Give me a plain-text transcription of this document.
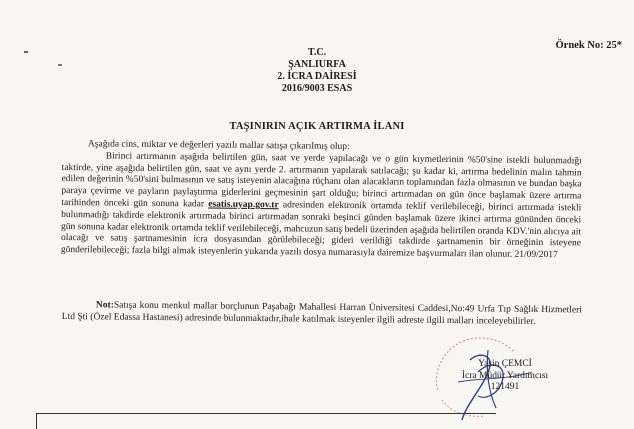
Örnek No: 25*
T.C.
ŞANLIURFA
2. İCRA DAİRESİ
2016/9003 ESAS
TAŞINIRIN AÇIK ARTIRMA İLANI

Aşağıda cins, miktar ve değerleri yazılı mallar satışa çıkarılmış olup:

Birinci artırmanın aşağıda belirtilen gün, saat ve yerde yapılacağı ve o gün kıymetlerinin %50'sine istekli bulunmadığı taktirde, yine aşağıda belirtilen gün, saat ve aynı yerde 2. artırmanın yapılarak satılacağı; şu kadar ki, artırma bedelinin malın tahmin edilen değerinin %50'sini bulmasının ve satış isteyenin alacağına rüçhanı olan alacakların toplamından fazla olmasının ve bundan başka paraya çevirme ve payların paylaştırma giderlerini geçmesinin şart olduğu; birinci artırmadan on gün önce başlamak üzere artırma tarihinden önceki gün sonuna kadar esatis.uyap.gov.tr adresinden elektronik ortamda teklif verilebileceği, birinci artırmada istekli bulunmadığı takdirde elektronik artırmada birinci artırmadan sonraki beşinci günden başlamak üzere ikinci artırma gününden önceki gün sonuna kadar elektronik ortamda teklif verilebileceği, mahcuzun satış bedeli üzerinden aşağıda belirtilen oranda KDV.'nin alıcıya ait olacağı ve satış şartnamesinin icra dosyasından görülebileceği; gideri verildiği takdirde şartnamenin bir örneğinin isteyene gönderilebileceği; fazla bilgi almak isteyenlerin yukarıda yazılı dosya numarasıyla dairemize başvurmaları ilan olunur. 21/09/2017

Not:Satışa konu menkul mallar borçlunun Paşabağı Mahallesi Harran Üniversitesi Caddesi,No:49 Urfa Tıp Sağlık Hizmetleri Ltd Şti (Özel Edassa Hastanesi) adresinde bulunmaktadır,ihale katılmak isteyenler ilgili adreste ilgili malları inceleyebilirler.
Yasin ÇEMCİ
İcra Müdür Yardımcısı
121491
